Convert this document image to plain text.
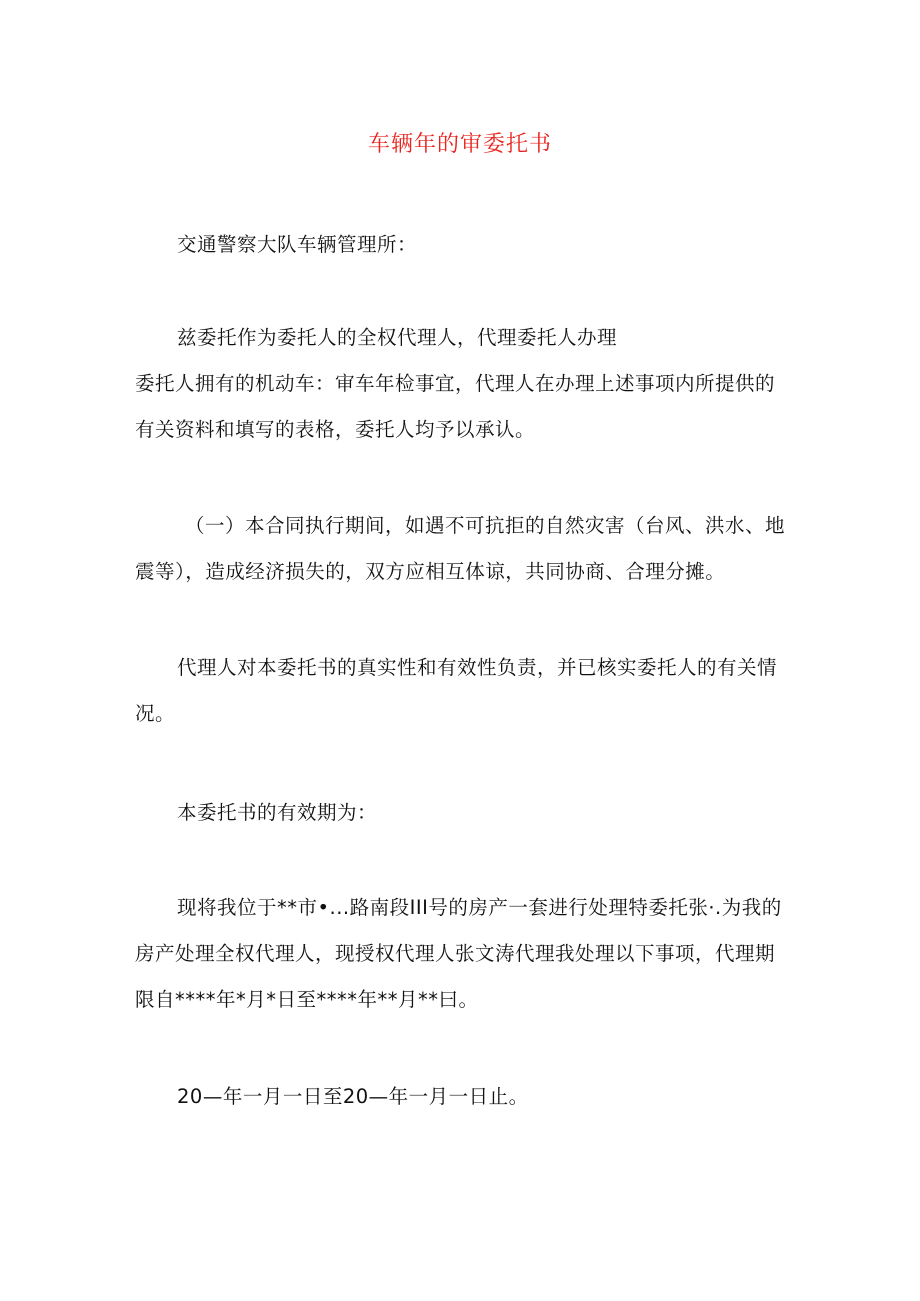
车辆年的审委托书

交通警察大队车辆管理所：

兹委托作为委托人的全权代理人，代理委托人办理
委托人拥有的机动车：审车年检事宜，代理人在办理上述事项内所提供的
有关资料和填写的表格，委托人均予以承认。

（一）本合同执行期间，如遇不可抗拒的自然灾害（台风、洪水、地
震等），造成经济损失的，双方应相互体谅，共同协商、合理分摊。

代理人对本委托书的真实性和有效性负责，并已核实委托人的有关情
况。

本委托书的有效期为：

现将我位于**市•...路南段III号的房产一套进行处理特委托张·.为我的
房产处理全权代理人，现授权代理人张文涛代理我处理以下事项，代理期
限自****年*月*日至****年**月**曰。

20—年一月一日至20—年一月一日止。
